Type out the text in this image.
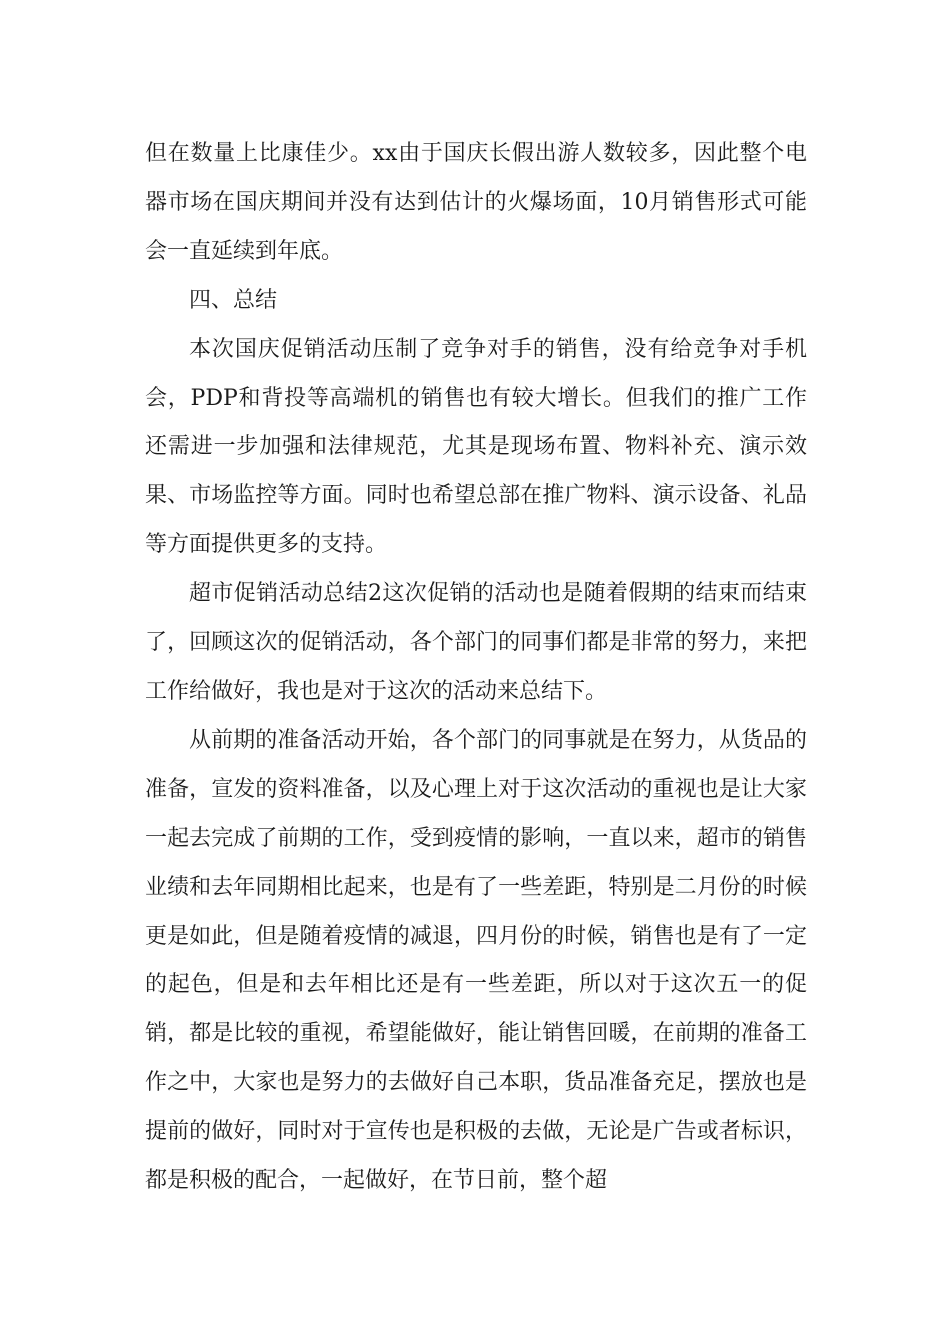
但在数量上比康佳少。xx由于国庆长假出游人数较多，因此整个电器市场在国庆期间并没有达到估计的火爆场面，10月销售形式可能会一直延续到年底。

四、总结

本次国庆促销活动压制了竞争对手的销售，没有给竞争对手机会，PDP和背投等高端机的销售也有较大增长。但我们的推广工作还需进一步加强和法律规范，尤其是现场布置、物料补充、演示效果、市场监控等方面。同时也希望总部在推广物料、演示设备、礼品等方面提供更多的支持。

超市促销活动总结2这次促销的活动也是随着假期的结束而结束了，回顾这次的促销活动，各个部门的同事们都是非常的努力，来把工作给做好，我也是对于这次的活动来总结下。

从前期的准备活动开始，各个部门的同事就是在努力，从货品的准备，宣发的资料准备，以及心理上对于这次活动的重视也是让大家一起去完成了前期的工作，受到疫情的影响，一直以来，超市的销售业绩和去年同期相比起来，也是有了一些差距，特别是二月份的时候更是如此，但是随着疫情的减退，四月份的时候，销售也是有了一定的起色，但是和去年相比还是有一些差距，所以对于这次五一的促销，都是比较的重视，希望能做好，能让销售回暖，在前期的准备工作之中，大家也是努力的去做好自己本职，货品准备充足，摆放也是提前的做好，同时对于宣传也是积极的去做，无论是广告或者标识，都是积极的配合，一起做好，在节日前，整个超
